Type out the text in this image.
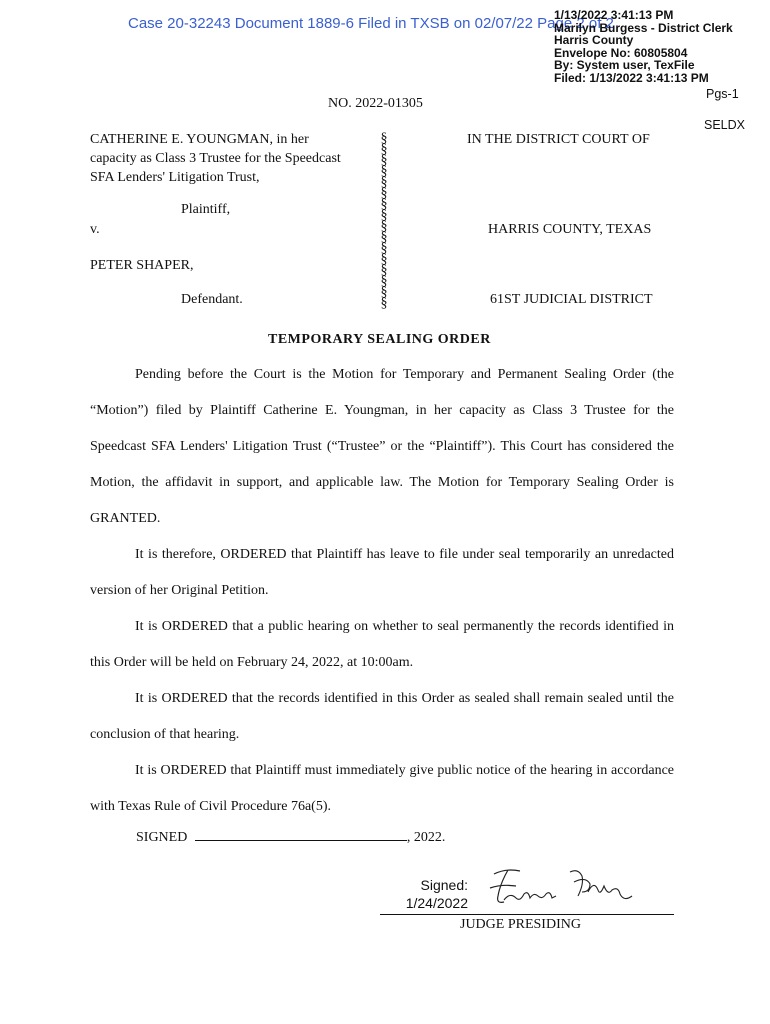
Case 20-32243 Document 1889-6 Filed in TXSB on 02/07/22 Page 2 of 2
1/13/2022 3:41:13 PM
Marilyn Burgess - District Clerk
Harris County
Envelope No: 60805804
By: System user, TexFile
Filed: 1/13/2022 3:41:13 PM
Pgs-1
SELDX
NO. 2022-01305
CATHERINE E. YOUNGMAN, in her
capacity as Class 3 Trustee for the Speedcast
SFA Lenders' Litigation Trust,
Plaintiff,
v.
PETER SHAPER,
Defendant.
§
§
§
§
§
§
§
§
§
§
§
§
§
§
§
§
IN THE DISTRICT COURT OF
HARRIS COUNTY, TEXAS
61ST JUDICIAL DISTRICT
TEMPORARY SEALING ORDER

Pending before the Court is the Motion for Temporary and Permanent Sealing Order (the “Motion”) filed by Plaintiff Catherine E. Youngman, in her capacity as Class 3 Trustee for the Speedcast SFA Lenders' Litigation Trust (“Trustee” or the “Plaintiff”). This Court has considered the Motion, the affidavit in support, and applicable law. The Motion for Temporary Sealing Order is GRANTED.

It is therefore, ORDERED that Plaintiff has leave to file under seal temporarily an unredacted version of her Original Petition.

It is ORDERED that a public hearing on whether to seal permanently the records identified in this Order will be held on February 24, 2022, at 10:00am.

It is ORDERED that the records identified in this Order as sealed shall remain sealed until the conclusion of that hearing.

It is ORDERED that Plaintiff must immediately give public notice of the hearing in accordance with Texas Rule of Civil Procedure 76a(5).

SIGNED	, 2022.
Signed:
1/24/2022
JUDGE PRESIDING
